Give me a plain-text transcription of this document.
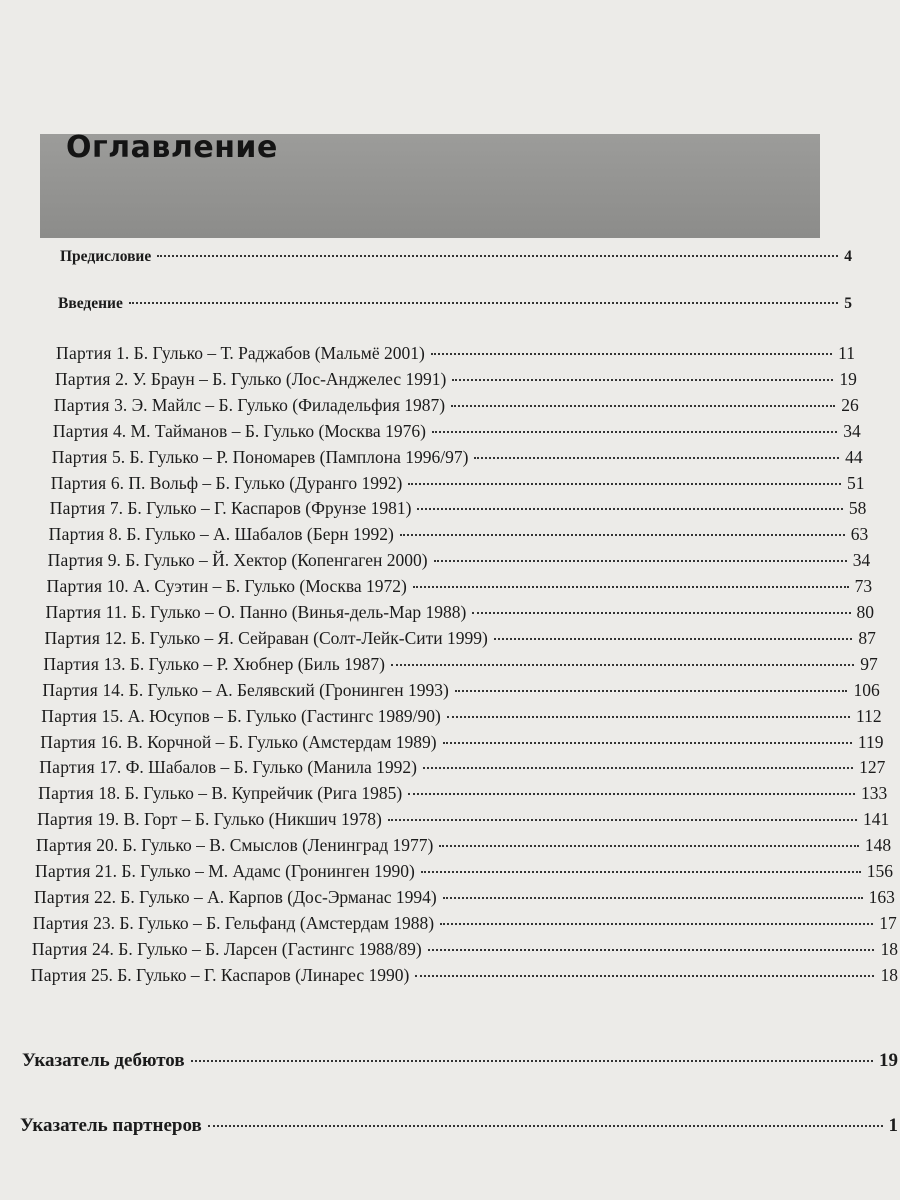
Оглавление
Предисловие	4
Введение	5
Партия 1. Б. Гулько – Т. Раджабов (Мальмё 2001)	11
Партия 2. У. Браун – Б. Гулько (Лос-Анджелес 1991)	19
Партия 3. Э. Майлс – Б. Гулько (Филадельфия 1987)	26
Партия 4. М. Тайманов – Б. Гулько (Москва 1976)	34
Партия 5. Б. Гулько – Р. Пономарев (Памплона 1996/97)	44
Партия 6. П. Вольф – Б. Гулько (Дуранго 1992)	51
Партия 7. Б. Гулько – Г. Каспаров (Фрунзе 1981)	58
Партия 8. Б. Гулько – А. Шабалов (Берн 1992)	63
Партия 9. Б. Гулько – Й. Хектор (Копенгаген 2000)	34
Партия 10. А. Суэтин – Б. Гулько (Москва 1972)	73
Партия 11. Б. Гулько – О. Панно (Винья-дель-Мар 1988)	80
Партия 12. Б. Гулько – Я. Сейраван (Солт-Лейк-Сити 1999)	87
Партия 13. Б. Гулько – Р. Хюбнер (Биль 1987)	97
Партия 14. Б. Гулько – А. Белявский (Гронинген 1993)	106
Партия 15. А. Юсупов – Б. Гулько (Гастингс 1989/90)	112
Партия 16. В. Корчной – Б. Гулько (Амстердам 1989)	119
Партия 17. Ф. Шабалов – Б. Гулько (Манила 1992)	127
Партия 18. Б. Гулько – В. Купрейчик (Рига 1985)	133
Партия 19. В. Горт – Б. Гулько (Никшич 1978)	141
Партия 20. Б. Гулько – В. Смыслов (Ленинград 1977)	148
Партия 21. Б. Гулько – М. Адамс (Гронинген 1990)	156
Партия 22. Б. Гулько – А. Карпов (Дос-Эрманас 1994)	163
Партия 23. Б. Гулько – Б. Гельфанд (Амстердам 1988)	17
Партия 24. Б. Гулько – Б. Ларсен (Гастингс 1988/89)	18
Партия 25. Б. Гулько – Г. Каспаров (Линарес 1990)	18
Указатель дебютов	19
Указатель партнеров	1
